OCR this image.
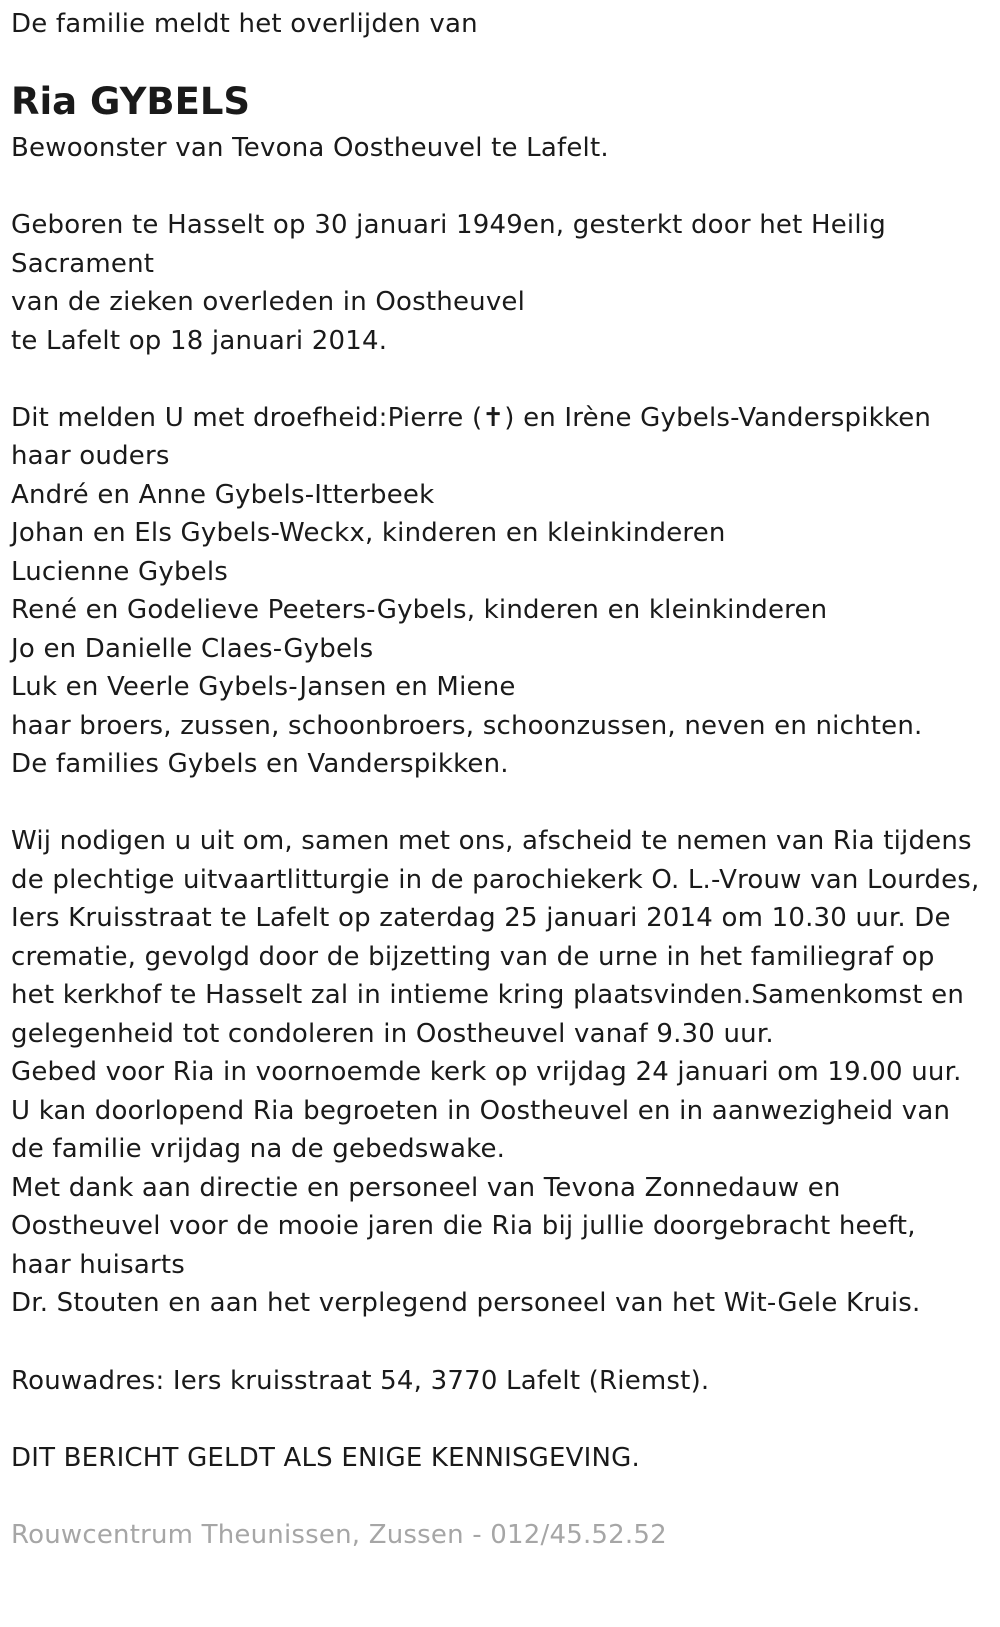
De familie meldt het overlijden van
Ria GYBELS
Bewoonster van Tevona Oostheuvel te Lafelt.
Geboren te Hasselt op 30 januari 1949en, gesterkt door het Heilig
Sacrament
van de zieken overleden in Oostheuvel
te Lafelt op 18 januari 2014.
Dit melden U met droefheid:Pierre (✝) en Irène Gybels-Vanderspikken
haar ouders
André en Anne Gybels-Itterbeek
Johan en Els Gybels-Weckx, kinderen en kleinkinderen
Lucienne Gybels
René en Godelieve Peeters-Gybels, kinderen en kleinkinderen
Jo en Danielle Claes-Gybels
Luk en Veerle Gybels-Jansen en Miene
haar broers, zussen, schoonbroers, schoonzussen, neven en nichten.
De families Gybels en Vanderspikken.
Wij nodigen u uit om, samen met ons, afscheid te nemen van Ria tijdens
de plechtige uitvaartlitturgie in de parochiekerk O. L.-Vrouw van Lourdes,
Iers Kruisstraat te Lafelt op zaterdag 25 januari 2014 om 10.30 uur. De
crematie, gevolgd door de bijzetting van de urne in het familiegraf op
het kerkhof te Hasselt zal in intieme kring plaatsvinden.Samenkomst en
gelegenheid tot condoleren in Oostheuvel vanaf 9.30 uur.
Gebed voor Ria in voornoemde kerk op vrijdag 24 januari om 19.00 uur.
U kan doorlopend Ria begroeten in Oostheuvel en in aanwezigheid van
de familie vrijdag na de gebedswake.
Met dank aan directie en personeel van Tevona Zonnedauw en
Oostheuvel voor de mooie jaren die Ria bij jullie doorgebracht heeft,
haar huisarts
Dr. Stouten en aan het verplegend personeel van het Wit-Gele Kruis.
Rouwadres: Iers kruisstraat 54, 3770 Lafelt (Riemst).
DIT BERICHT GELDT ALS ENIGE KENNISGEVING.
Rouwcentrum Theunissen, Zussen - 012/45.52.52
